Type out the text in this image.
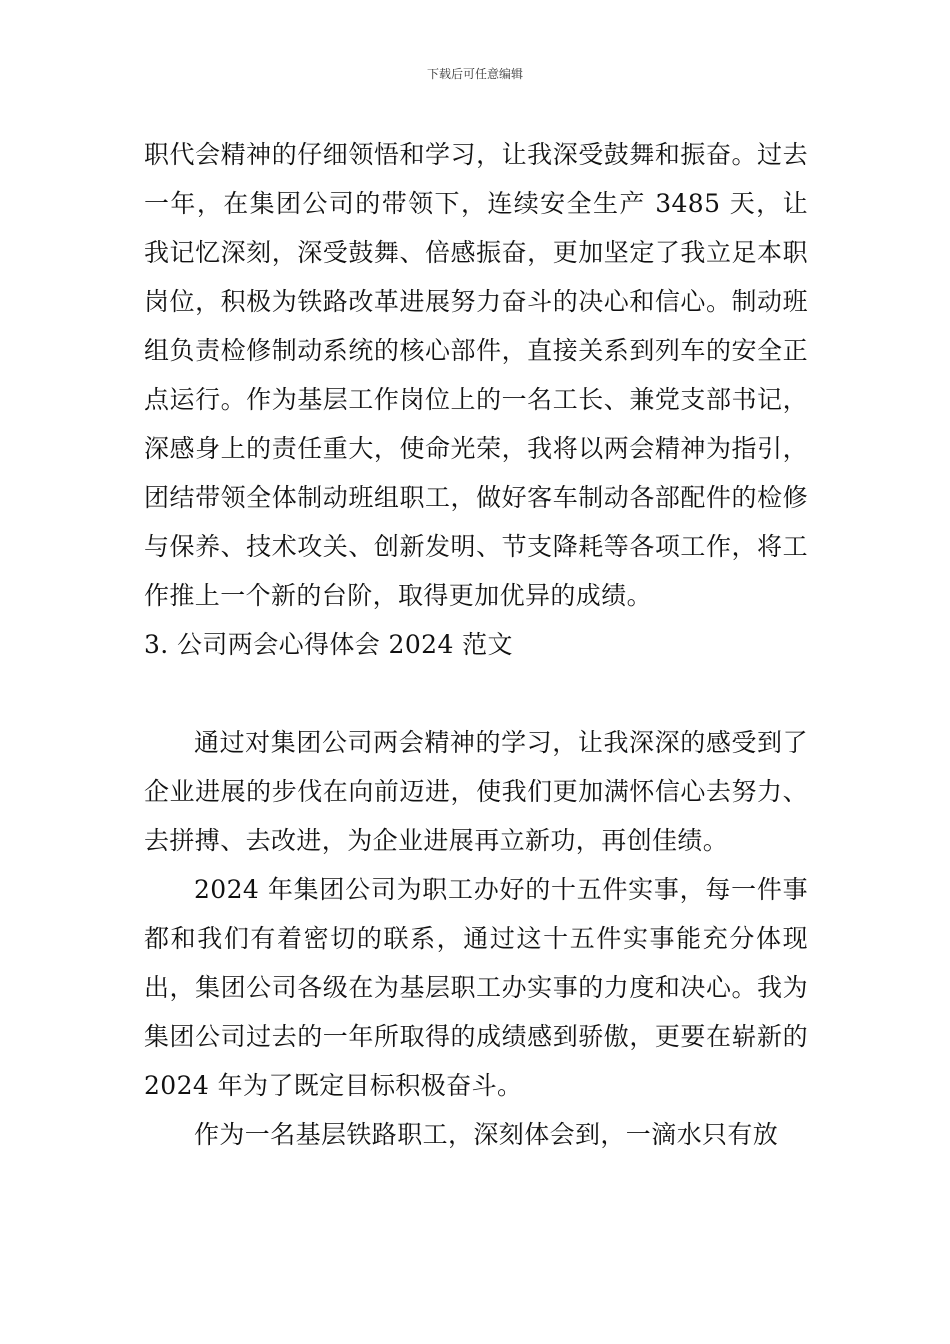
下载后可任意编辑

职代会精神的仔细领悟和学习，让我深受鼓舞和振奋。过去一年，在集团公司的带领下，连续安全生产 3485 天，让我记忆深刻，深受鼓舞、倍感振奋，更加坚定了我立足本职岗位，积极为铁路改革进展努力奋斗的决心和信心。制动班组负责检修制动系统的核心部件，直接关系到列车的安全正点运行。作为基层工作岗位上的一名工长、兼党支部书记，深感身上的责任重大，使命光荣，我将以两会精神为指引，团结带领全体制动班组职工，做好客车制动各部配件的检修与保养、技术攻关、创新发明、节支降耗等各项工作，将工作推上一个新的台阶，取得更加优异的成绩。

3. 公司两会心得体会 2024 范文

通过对集团公司两会精神的学习，让我深深的感受到了企业进展的步伐在向前迈进，使我们更加满怀信心去努力、去拼搏、去改进，为企业进展再立新功，再创佳绩。

2024 年集团公司为职工办好的十五件实事，每一件事都和我们有着密切的联系，通过这十五件实事能充分体现出，集团公司各级在为基层职工办实事的力度和决心。我为集团公司过去的一年所取得的成绩感到骄傲，更要在崭新的 2024 年为了既定目标积极奋斗。

作为一名基层铁路职工，深刻体会到，一滴水只有放
